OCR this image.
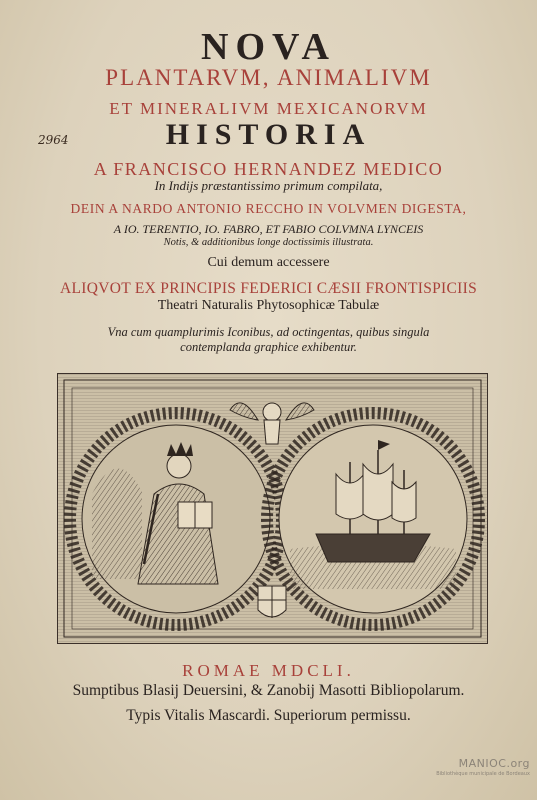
NOVA
PLANTARVM, ANIMALIVM
ET MINERALIVM MEXICANORVM
HISTORIA
2964
A FRANCISCO HERNANDEZ MEDICO
In Indijs præstantissimo primum compilata,
DEIN A NARDO ANTONIO RECCHO IN VOLVMEN DIGESTA,
A IO. TERENTIO, IO. FABRO, ET FABIO COLVMNA LYNCEIS
Notis, & additionibus longe doctissimis illustrata.
Cui demum accessere
ALIQVOT EX PRINCIPIS FEDERICI CÆSII FRONTISPICIIS
Theatri Naturalis Phytosophicæ Tabulæ
Vna cum quamplurimis Iconibus, ad octingentas, quibus singula
contemplanda graphice exhibentur.
ROMAE MDCLI.
Sumptibus Blasij Deuersini, & Zanobij Masotti Bibliopolarum.
Typis Vitalis Mascardi. Superiorum permissu.
MANIOC.org
Bibliothèque municipale de Bordeaux
